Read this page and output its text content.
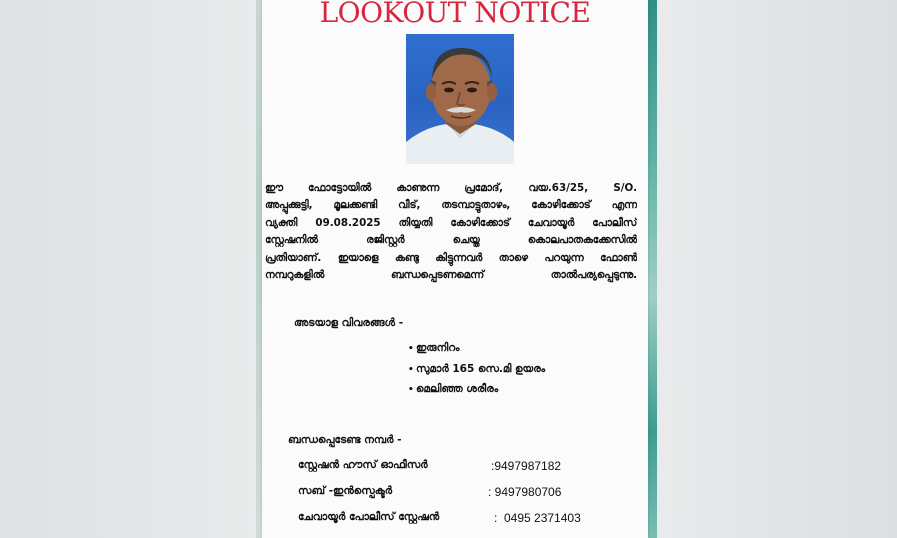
LOOKOUT NOTICE
ഈ ഫോട്ടോയിൽ കാണുന്ന പ്രമോദ്, വയ.63/25, S/O.
അപ്പുക്കുട്ടി, മൂലക്കണ്ടി വീട്, തടമ്പാട്ടുതാഴം, കോഴിക്കോട് എന്ന
വ്യക്തി 09.08.2025 തിയ്യതി കോഴിക്കോട് ചേവായൂർ പോലീസ്
സ്റ്റേഷനിൽ രജിസ്റ്റർ ചെയ്ത കൊലപാതകക്കേസിൽ
പ്രതിയാണ്. ഇയാളെ കണ്ടു കിട്ടുന്നവർ താഴെ പറയുന്ന ഫോൺ
നമ്പറുകളിൽ ബന്ധപ്പെടണമെന്ന് താൽപര്യപ്പെടുന്നു.
അടയാള വിവരങ്ങൾ -
• ഇരുനിറം
• സുമാർ 165 സെ.മി ഉയരം
• മെലിഞ്ഞ ശരീരം
ബന്ധപ്പെടേണ്ട നമ്പർ -
സ്റ്റേഷൻ ഹൗസ് ഓഫീസർ	:9497987182
സബ് -ഇൻസ്പെക്ടർ	: 9497980706
ചേവായൂർ പോലീസ് സ്റ്റേഷൻ	:  0495 2371403
